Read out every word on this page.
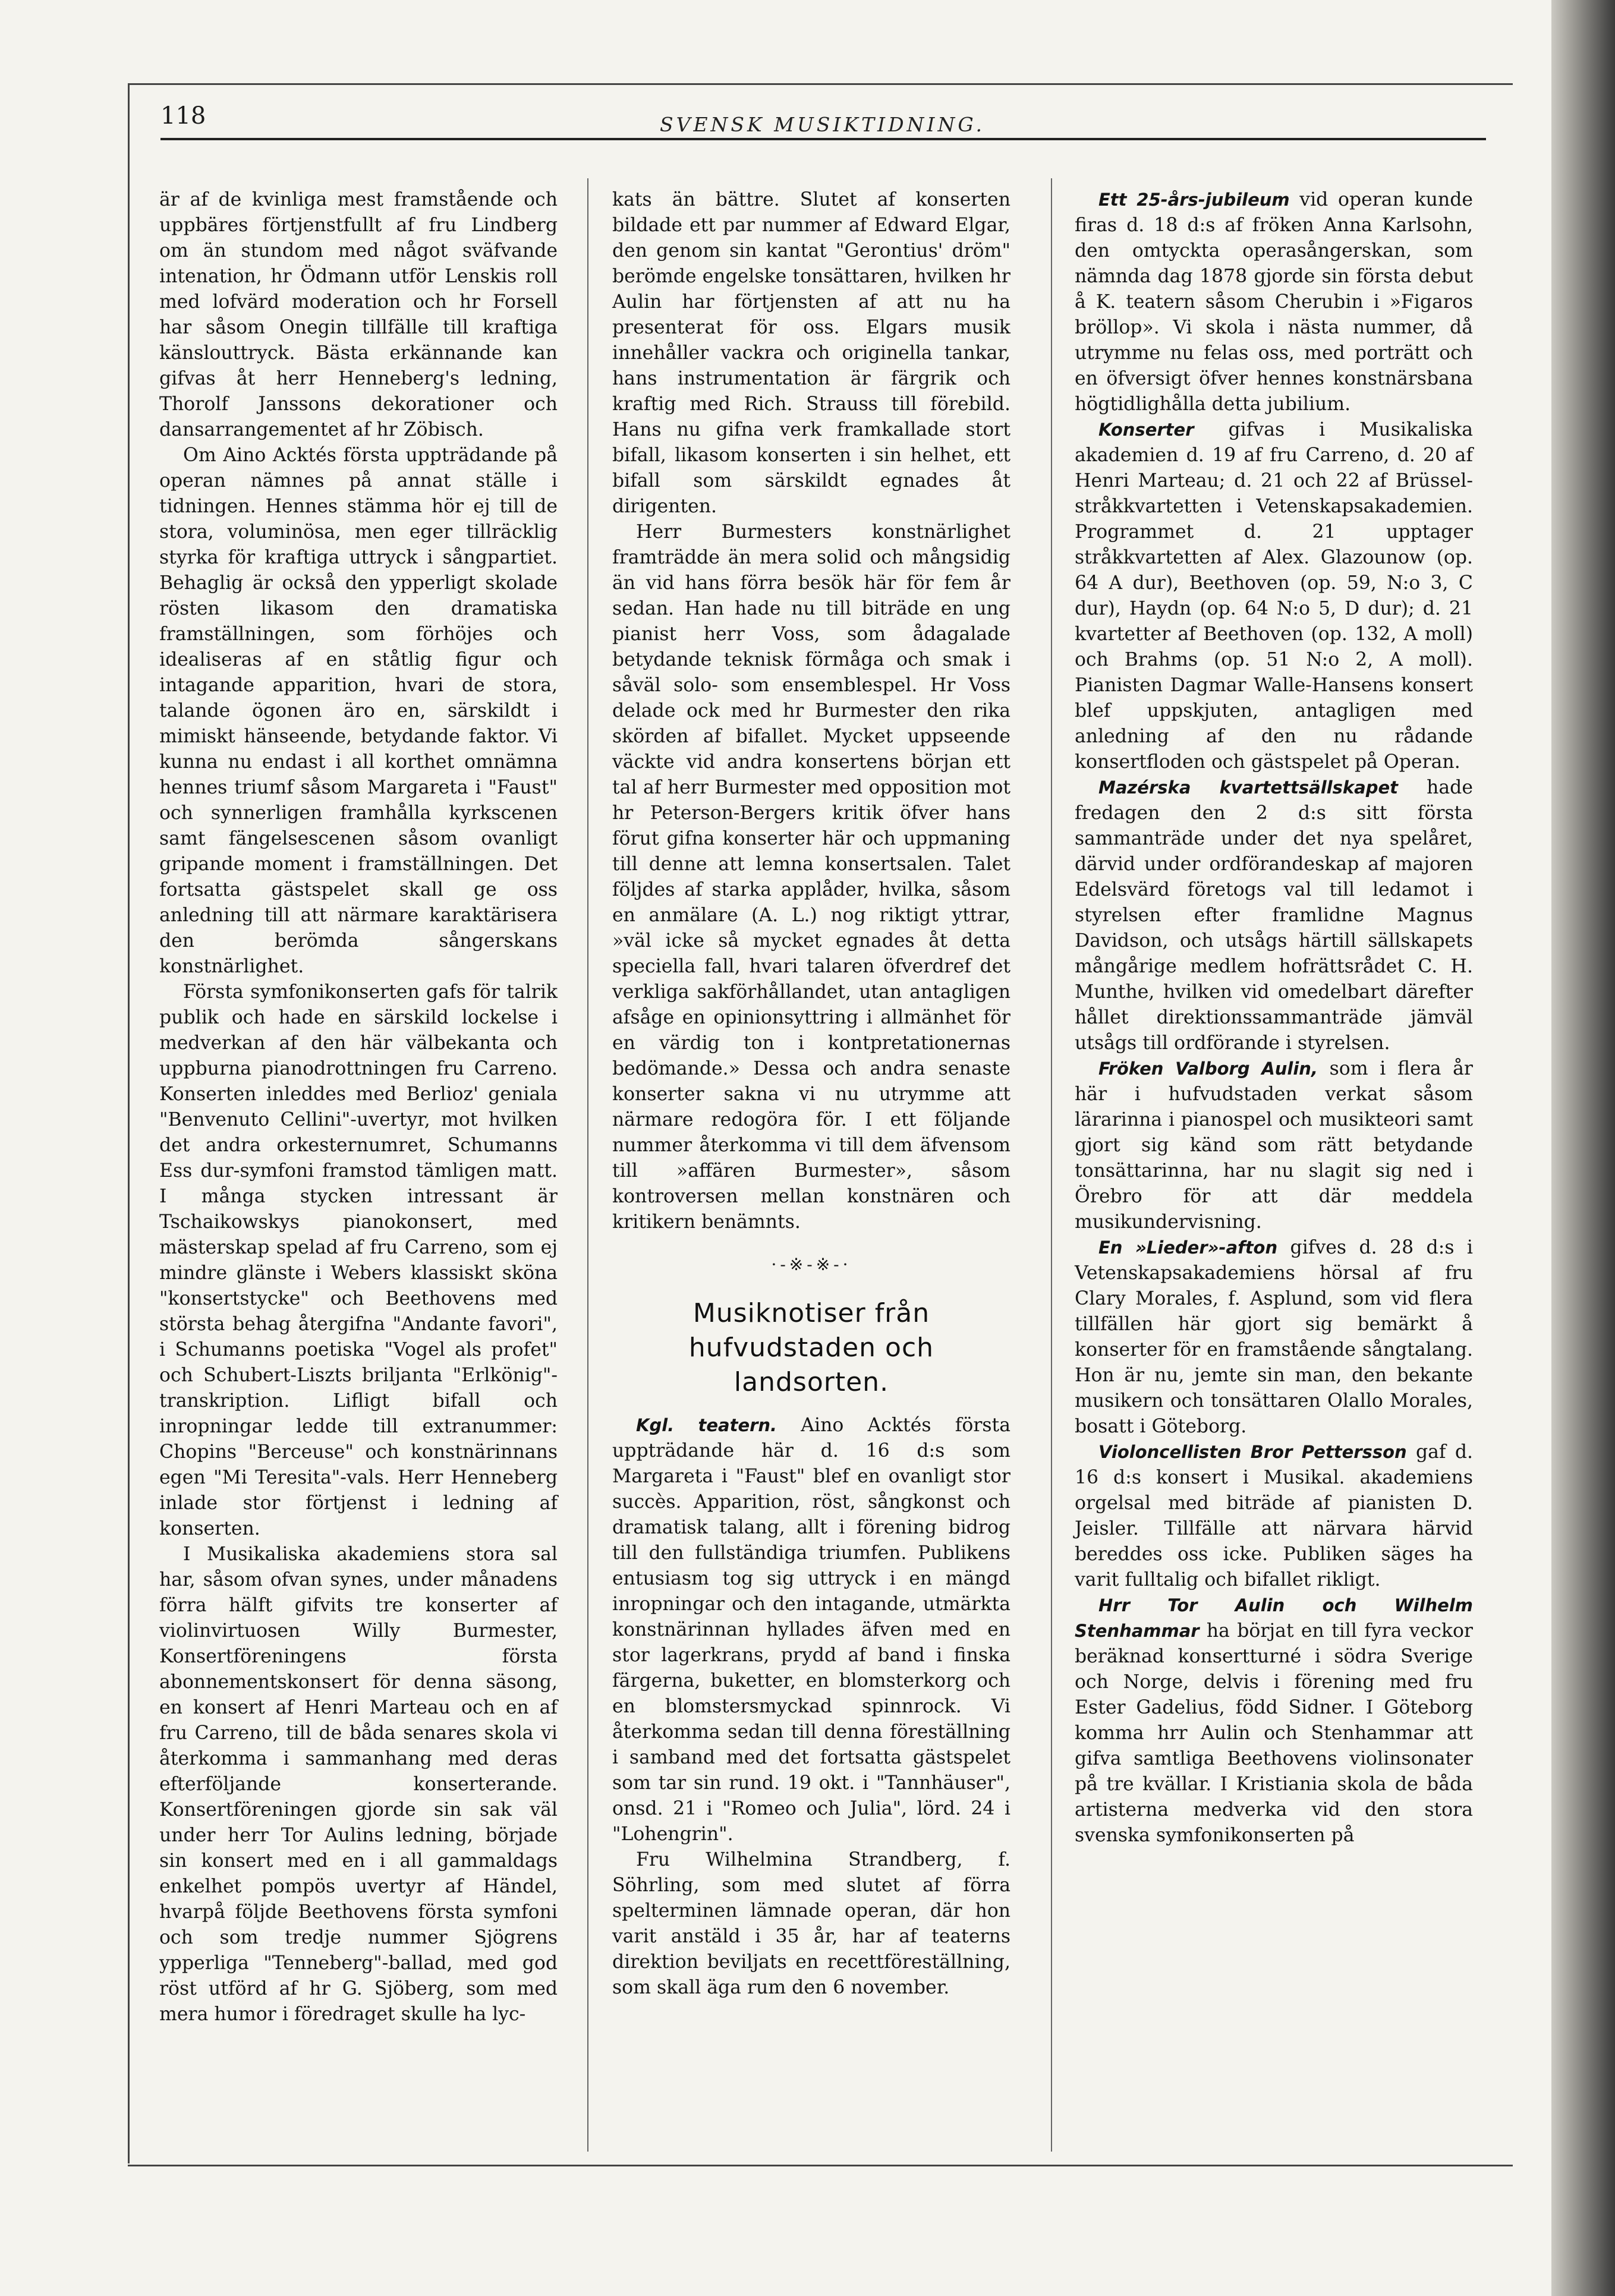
118	SVENSK MUSIKTIDNING.

är af de kvinliga mest framstående och uppbäres förtjenstfullt af fru Lindberg om än stundom med något sväfvande intenation, hr Ödmann utför Lenskis roll med lofvärd moderation och hr Forsell har såsom Onegin tillfälle till kraftiga känslouttryck. Bästa erkännande kan gifvas åt herr Henneberg's ledning, Thorolf Janssons dekorationer och dansarrangementet af hr Zöbisch.

Om Aino Acktés första uppträdande på operan nämnes på annat ställe i tidningen. Hennes stämma hör ej till de stora, voluminösa, men eger tillräcklig styrka för kraftiga uttryck i sångpartiet. Behaglig är också den ypperligt skolade rösten likasom den dramatiska framställningen, som förhöjes och idealiseras af en ståtlig figur och intagande apparition, hvari de stora, talande ögonen äro en, särskildt i mimiskt hänseende, betydande faktor. Vi kunna nu endast i all korthet omnämna hennes triumf såsom Margareta i "Faust" och synnerligen framhålla kyrkscenen samt fängelsescenen såsom ovanligt gripande moment i framställningen. Det fortsatta gästspelet skall ge oss anledning till att närmare karaktärisera den berömda sångerskans konstnärlighet.

Första symfonikonserten gafs för talrik publik och hade en särskild lockelse i medverkan af den här välbekanta och uppburna pianodrottningen fru Carreno. Konserten inleddes med Berlioz' geniala "Benvenuto Cellini"-uvertyr, mot hvilken det andra orkesternumret, Schumanns Ess dur-symfoni framstod tämligen matt. I många stycken intressant är Tschaikowskys pianokonsert, med mästerskap spelad af fru Carreno, som ej mindre glänste i Webers klassiskt sköna "konsertstycke" och Beethovens med största behag återgifna "Andante favori", i Schumanns poetiska "Vogel als profet" och Schubert-Liszts briljanta "Erlkönig"-transkription. Lifligt bifall och inropningar ledde till extranummer: Chopins "Berceuse" och konstnärinnans egen "Mi Teresita"-vals. Herr Henneberg inlade stor förtjenst i ledning af konserten.

I Musikaliska akademiens stora sal har, såsom ofvan synes, under månadens förra hälft gifvits tre konserter af violinvirtuosen Willy Burmester, Konsertföreningens första abonnementskonsert för denna säsong, en konsert af Henri Marteau och en af fru Carreno, till de båda senares skola vi återkomma i sammanhang med deras efterföljande konserterande. Konsertföreningen gjorde sin sak väl under herr Tor Aulins ledning, började sin konsert med en i all gammaldags enkelhet pompös uvertyr af Händel, hvarpå följde Beethovens första symfoni och som tredje nummer Sjögrens ypperliga "Tenneberg"-ballad, med god röst utförd af hr G. Sjöberg, som med mera humor i föredraget skulle ha lyc-

kats än bättre. Slutet af konserten bildade ett par nummer af Edward Elgar, den genom sin kantat "Gerontius' dröm" berömde engelske tonsättaren, hvilken hr Aulin har förtjensten af att nu ha presenterat för oss. Elgars musik innehåller vackra och originella tankar, hans instrumentation är färgrik och kraftig med Rich. Strauss till förebild. Hans nu gifna verk framkallade stort bifall, likasom konserten i sin helhet, ett bifall som särskildt egnades åt dirigenten.

Herr Burmesters konstnärlighet framträdde än mera solid och mångsidig än vid hans förra besök här för fem år sedan. Han hade nu till biträde en ung pianist herr Voss, som ådagalade betydande teknisk förmåga och smak i såväl solo- som ensemblespel. Hr Voss delade ock med hr Burmester den rika skörden af bifallet. Mycket uppseende väckte vid andra konsertens början ett tal af herr Burmester med opposition mot hr Peterson-Bergers kritik öfver hans förut gifna konserter här och uppmaning till denne att lemna konsertsalen. Talet följdes af starka applåder, hvilka, såsom en anmälare (A. L.) nog riktigt yttrar, »väl icke så mycket egnades åt detta speciella fall, hvari talaren öfverdref det verkliga sakförhållandet, utan antagligen afsåge en opinionsyttring i allmänhet för en värdig ton i kontpretationernas bedömande.» Dessa och andra senaste konserter sakna vi nu utrymme att närmare redogöra för. I ett följande nummer återkomma vi till dem äfvensom till »affären Burmester», såsom kontroversen mellan konstnären och kritikern benämnts.

·-※-※-·
Musiknotiser från hufvudstaden och landsorten.

Kgl. teatern. Aino Acktés första uppträdande här d. 16 d:s som Margareta i "Faust" blef en ovanligt stor succès. Apparition, röst, sångkonst och dramatisk talang, allt i förening bidrog till den fullständiga triumfen. Publikens entusiasm tog sig uttryck i en mängd inropningar och den intagande, utmärkta konstnärinnan hyllades äfven med en stor lagerkrans, prydd af band i finska färgerna, buketter, en blomsterkorg och en blomstersmyckad spinnrock. Vi återkomma sedan till denna föreställning i samband med det fortsatta gästspelet som tar sin rund. 19 okt. i "Tannhäuser", onsd. 21 i "Romeo och Julia", lörd. 24 i "Lohengrin".

Fru Wilhelmina Strandberg, f. Söhrling, som med slutet af förra spelterminen lämnade operan, där hon varit anstäld i 35 år, har af teaterns direktion beviljats en recettföreställning, som skall äga rum den 6 november.

Ett 25-års-jubileum vid operan kunde firas d. 18 d:s af fröken Anna Karlsohn, den omtyckta operasångerskan, som nämnda dag 1878 gjorde sin första debut å K. teatern såsom Cherubin i »Figaros bröllop». Vi skola i nästa nummer, då utrymme nu felas oss, med porträtt och en öfversigt öfver hennes konstnärsbana högtidlighålla detta jubilium.

Konserter gifvas i Musikaliska akademien d. 19 af fru Carreno, d. 20 af Henri Marteau; d. 21 och 22 af Brüssel-stråkkvartetten i Vetenskapsakademien. Programmet d. 21 upptager stråkkvartetten af Alex. Glazounow (op. 64 A dur), Beethoven (op. 59, N:o 3, C dur), Haydn (op. 64 N:o 5, D dur); d. 21 kvartetter af Beethoven (op. 132, A moll) och Brahms (op. 51 N:o 2, A moll). Pianisten Dagmar Walle-Hansens konsert blef uppskjuten, antagligen med anledning af den nu rådande konsertfloden och gästspelet på Operan.

Mazérska kvartettsällskapet hade fredagen den 2 d:s sitt första sammanträde under det nya spelåret, därvid under ordförandeskap af majoren Edelsvärd företogs val till ledamot i styrelsen efter framlidne Magnus Davidson, och utsågs härtill sällskapets mångårige medlem hofrättsrådet C. H. Munthe, hvilken vid omedelbart därefter hållet direktionssammanträde jämväl utsågs till ordförande i styrelsen.

Fröken Valborg Aulin, som i flera år här i hufvudstaden verkat såsom lärarinna i pianospel och musikteori samt gjort sig känd som rätt betydande tonsättarinna, har nu slagit sig ned i Örebro för att där meddela musikundervisning.

En »Lieder»-afton gifves d. 28 d:s i Vetenskapsakademiens hörsal af fru Clary Morales, f. Asplund, som vid flera tillfällen här gjort sig bemärkt å konserter för en framstående sångtalang. Hon är nu, jemte sin man, den bekante musikern och tonsättaren Olallo Morales, bosatt i Göteborg.

Violoncellisten Bror Pettersson gaf d. 16 d:s konsert i Musikal. akademiens orgelsal med biträde af pianisten D. Jeisler. Tillfälle att närvara härvid bereddes oss icke. Publiken säges ha varit fulltalig och bifallet rikligt.

Hrr Tor Aulin och Wilhelm Stenhammar ha börjat en till fyra veckor beräknad konsertturné i södra Sverige och Norge, delvis i förening med fru Ester Gadelius, född Sidner. I Göteborg komma hrr Aulin och Stenhammar att gifva samtliga Beethovens violinsonater på tre kvällar. I Kristiania skola de båda artisterna medverka vid den stora svenska symfonikonserten på
